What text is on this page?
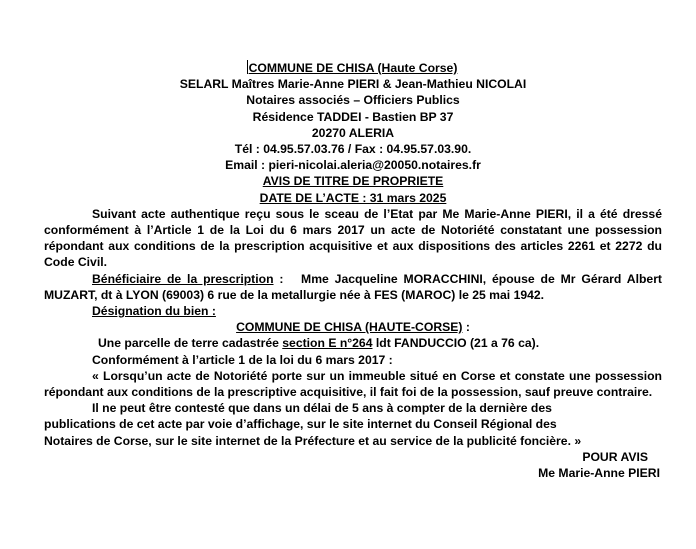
COMMUNE DE CHISA (Haute Corse)
SELARL Maîtres Marie-Anne PIERI & Jean-Mathieu NICOLAI
Notaires associés – Officiers Publics
Résidence TADDEI - Bastien BP 37
20270 ALERIA
Tél : 04.95.57.03.76 / Fax : 04.95.57.03.90.
Email : pieri-nicolai.aleria@20050.notaires.fr
AVIS DE TITRE DE PROPRIETE
DATE DE L’ACTE : 31 mars 2025
Suivant acte authentique reçu sous le sceau de l’Etat par Me Marie-Anne PIERI, il a été dressé conformément à l’Article 1 de la Loi du 6 mars 2017 un acte de Notoriété constatant une possession répondant aux conditions de la prescription acquisitive et aux dispositions des articles 2261 et 2272 du Code Civil.
Bénéficiaire de la prescription :   Mme Jacqueline MORACCHINI, épouse de Mr Gérard Albert MUZART, dt à LYON (69003) 6 rue de la metallurgie née à FES (MAROC) le 25 mai 1942.
Désignation du bien :
COMMUNE DE CHISA (HAUTE-CORSE) :
Une parcelle de terre cadastrée section E n°264 ldt FANDUCCIO (21 a 76 ca).
Conformément à l’article 1 de la loi du 6 mars 2017 :
« Lorsqu’un acte de Notoriété porte sur un immeuble situé en Corse et constate une possession répondant aux conditions de la prescriptive acquisitive, il fait foi de la possession, sauf preuve contraire.
Il ne peut être contesté que dans un délai de 5 ans à compter de la dernière des
publications de cet acte par voie d’affichage, sur le site internet du Conseil Régional des
Notaires de Corse, sur le site internet de la Préfecture et au service de la publicité foncière. »
POUR AVIS
Me Marie-Anne PIERI
